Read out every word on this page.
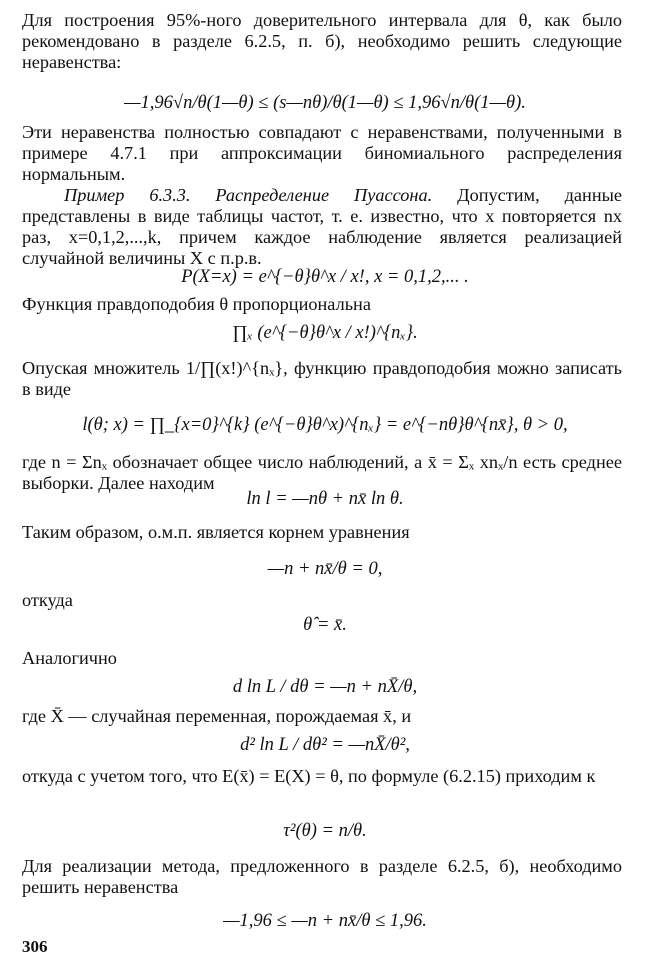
Для построения 95%-ного доверительного интервала для θ, как было рекомендовано в разделе 6.2.5, п. б), необходимо решить следующие неравенства:
—1,96√n/θ(1—θ) ≤ (s—nθ)/θ(1—θ) ≤ 1,96√n/θ(1—θ).
Эти неравенства полностью совпадают с неравенствами, полученными в примере 4.7.1 при аппроксимации биномиального распределения нормальным.
Пример 6.3.3. Распределение Пуассона. Допустим, данные представлены в виде таблицы частот, т. е. известно, что x повторяется nx раз, x=0,1,2,...,k, причем каждое наблюдение является реализацией случайной величины X с п.р.в.
P(X=x) = e^{−θ}θ^x / x!, x = 0,1,2,... .
Функция правдоподобия θ пропорциональна
∏ₓ (e^{−θ}θ^x / x!)^{nₓ}.
Опуская множитель 1/∏(x!)^{nₓ}, функцию правдоподобия можно записать в виде
l(θ; x) = ∏_{x=0}^{k} (e^{−θ}θ^x)^{nₓ} = e^{−nθ}θ^{nx̄}, θ > 0,
где n = Σnₓ обозначает общее число наблюдений, а x̄ = Σₓ xnₓ/n есть среднее выборки. Далее находим
ln l = —nθ + nx̄ ln θ.
Таким образом, о.м.п. является корнем уравнения
—n + nx̄/θ = 0,
откуда
θ̂ = x̄.
Аналогично
d ln L / dθ = —n + nX̄/θ,
где X̄ — случайная переменная, порождаемая x̄, и
d² ln L / dθ² = —nX̄/θ²,
откуда с учетом того, что E(x̄) = E(X) = θ, по формуле (6.2.15) приходим к
τ²(θ) = n/θ.
Для реализации метода, предложенного в разделе 6.2.5, б), необходимо решить неравенства
—1,96 ≤ —n + nx̄/θ ≤ 1,96.
306
